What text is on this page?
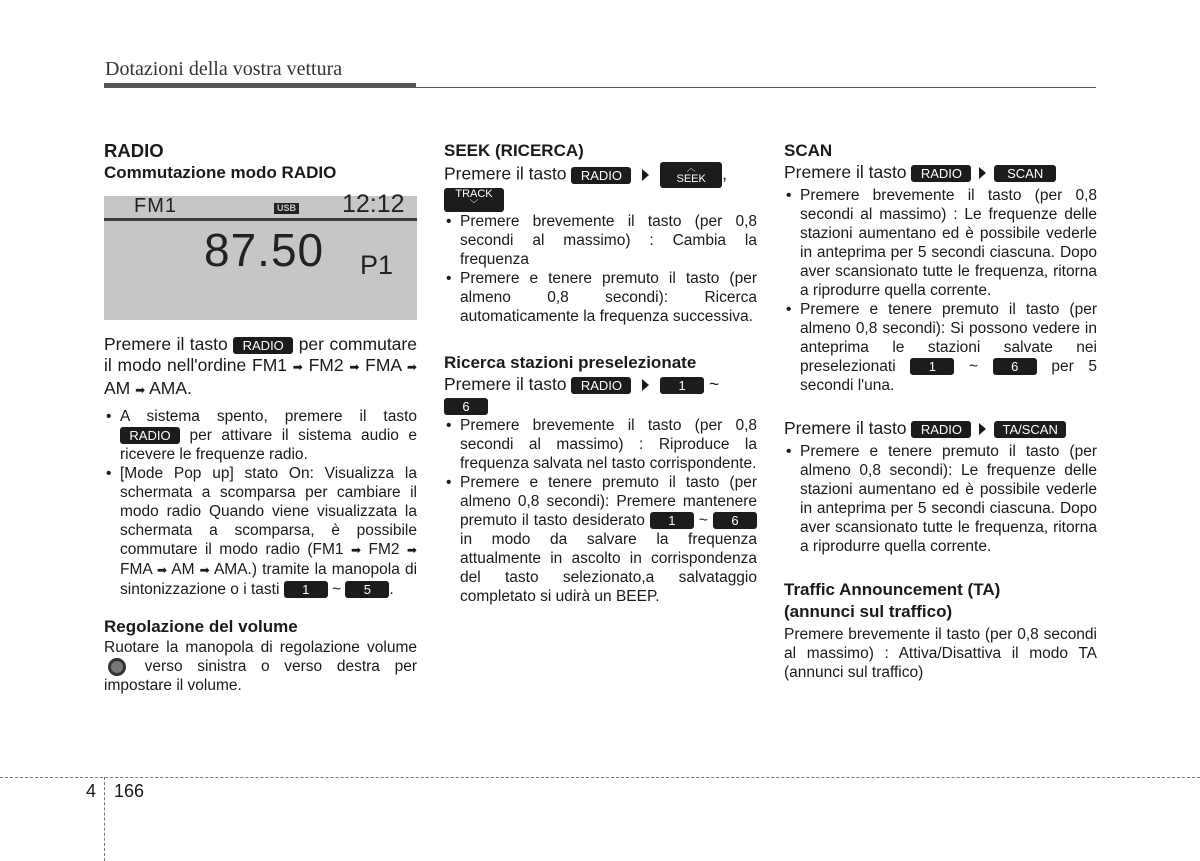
Dotazioni della vostra vettura
RADIO
Commutazione modo RADIO
FM1	USB 12:12
87.50 P1

Premere il tasto RADIO per commutare il modo nell'ordine FM1 ➡ FM2 ➡ FMA ➡ AM ➡ AMA.

• A sistema spento, premere il tasto RADIO per attivare il sistema audio e ricevere le frequenze radio.
• [Mode Pop up] stato On: Visualizza la schermata a scomparsa per cambiare il modo radio Quando viene visualizzata la schermata a scomparsa, è possibile commutare il modo radio (FM1 ➡ FM2 ➡ FMA ➡ AM ➡ AMA.) tramite la manopola di sintonizzazione o i tasti 1 ~ 5 .
Regolazione del volume

Ruotare la manopola di regolazione volume  verso sinistra o verso destra per impostare il volume.

SEEK (RICERCA)

Premere il tasto RADIO	︿
SEEK ,
TRACK
﹀

• Premere brevemente il tasto (per 0,8 secondi al massimo) : Cambia la frequenza
• Premere e tenere premuto il tasto (per almeno 0,8 secondi): Ricerca automaticamente la frequenza successiva.
Ricerca stazioni preselezionate

Premere il tasto RADIO	1 ~
6

• Premere brevemente il tasto (per 0,8 secondi al massimo) : Riproduce la frequenza salvata nel tasto corrispondente.
• Premere e tenere premuto il tasto (per almeno 0,8 secondi): Premere mantenere premuto il tasto desiderato 1 ~ 6 in modo da salvare la frequenza attualmente in ascolto in corrispondenza del tasto selezionato,a salvataggio completato si udirà un BEEP.
SCAN

Premere il tasto RADIO	SCAN

• Premere brevemente il tasto (per 0,8 secondi al massimo) : Le frequenze delle stazioni aumentano ed è possibile vederle in anteprima per 5 secondi ciascuna. Dopo aver scansionato tutte le frequenza, ritorna a riprodurre quella corrente.
• Premere e tenere premuto il tasto (per almeno 0,8 secondi): Si possono vedere in anteprima le stazioni salvate nei preselezionati	1 ~	6 per 5 secondi l'una.

Premere il tasto RADIO	TA/SCAN

• Premere e tenere premuto il tasto (per almeno 0,8 secondi): Le frequenze delle stazioni aumentano ed è possibile vederle in anteprima per 5 secondi ciascuna. Dopo aver scansionato tutte le frequenza, ritorna a riprodurre quella corrente.
Traffic Announcement (TA)
(annunci sul traffico)

Premere brevemente il tasto (per 0,8 secondi al massimo) : Attiva/Disattiva il modo TA (annunci sul traffico)

4 166
